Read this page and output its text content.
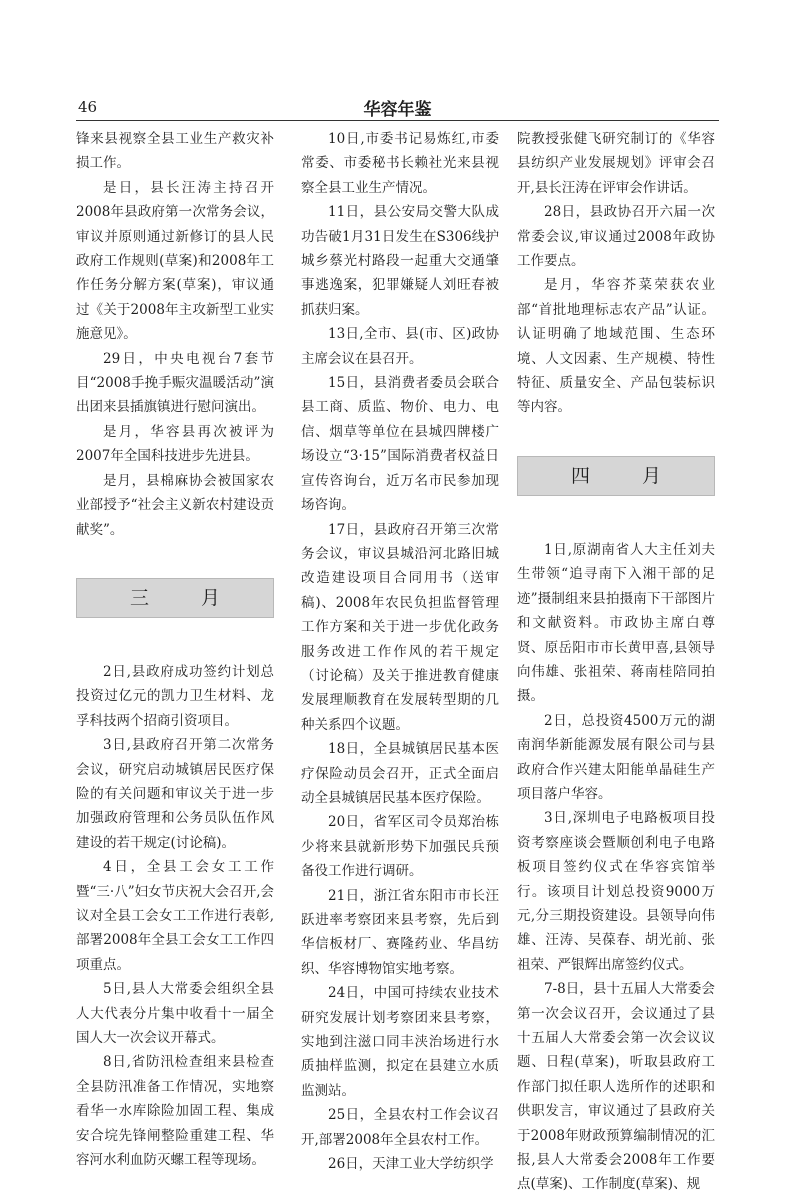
46	华容年鉴

锋来县视察全县工业生产救灾补损工作。

是日，县长汪涛主持召开2008年县政府第一次常务会议，审议并原则通过新修订的县人民政府工作规则(草案)和2008年工作任务分解方案(草案)，审议通过《关于2008年主攻新型工业实施意见》。

29日，中央电视台7套节目“2008手挽手赈灾温暖活动”演出团来县插旗镇进行慰问演出。

是月，华容县再次被评为2007年全国科技进步先进县。

是月，县棉麻协会被国家农业部授予“社会主义新农村建设贡献奖”。

三月

2日,县政府成功签约计划总投资过亿元的凯力卫生材料、龙孚科技两个招商引资项目。

3日,县政府召开第二次常务会议，研究启动城镇居民医疗保险的有关问题和审议关于进一步加强政府管理和公务员队伍作风建设的若干规定(讨论稿)。

4日，全县工会女工工作暨“三·八”妇女节庆祝大会召开,会议对全县工会女工工作进行表彰,部署2008年全县工会女工工作四项重点。

5日,县人大常委会组织全县人大代表分片集中收看十一届全国人大一次会议开幕式。

8日,省防汛检查组来县检查全县防汛准备工作情况，实地察看华一水库除险加固工程、集成安合垸先锋闸整险重建工程、华容河水利血防灭螺工程等现场。

10日,市委书记易炼红,市委常委、市委秘书长赖社光来县视察全县工业生产情况。

11日，县公安局交警大队成功告破1月31日发生在S306线护城乡蔡光村路段一起重大交通肇事逃逸案，犯罪嫌疑人刘旺春被抓获归案。

13日,全市、县(市、区)政协主席会议在县召开。

15日，县消费者委员会联合县工商、质监、物价、电力、电信、烟草等单位在县城四牌楼广场设立“3·15”国际消费者权益日宣传咨询台，近万名市民参加现场咨询。

17日，县政府召开第三次常务会议，审议县城沿河北路旧城改造建设项目合同用书（送审稿)、2008年农民负担监督管理工作方案和关于进一步优化政务服务改进工作作风的若干规定（讨论稿）及关于推进教育健康发展理顺教育在发展转型期的几种关系四个议题。

18日，全县城镇居民基本医疗保险动员会召开，正式全面启动全县城镇居民基本医疗保险。

20日，省军区司令员郑治栋少将来县就新形势下加强民兵预备役工作进行调研。

21日，浙江省东阳市市长汪跃进率考察团来县考察，先后到华信板材厂、赛隆药业、华昌纺织、华容博物馆实地考察。

24日，中国可持续农业技术研究发展计划考察团来县考察，实地到注滋口同丰浃治场进行水质抽样监测，拟定在县建立水质监测站。

25日，全县农村工作会议召开,部署2008年全县农村工作。

26日，天津工业大学纺织学

院教授张健飞研究制订的《华容县纺织产业发展规划》评审会召开,县长汪涛在评审会作讲话。

28日，县政协召开六届一次常委会议,审议通过2008年政协工作要点。

是月，华容芥菜荣获农业部“首批地理标志农产品”认证。认证明确了地域范围、生态环境、人文因素、生产规模、特性特征、质量安全、产品包装标识等内容。

四月

1日,原湖南省人大主任刘夫生带领“追寻南下入湘干部的足迹”摄制组来县拍摄南下干部图片和文献资料。市政协主席白尊贤、原岳阳市市长黄甲喜,县领导向伟雄、张祖荣、蒋南桂陪同拍摄。

2日，总投资4500万元的湖南润华新能源发展有限公司与县政府合作兴建太阳能单晶硅生产项目落户华容。

3日,深圳电子电路板项目投资考察座谈会暨顺创利电子电路板项目签约仪式在华容宾馆举行。该项目计划总投资9000万元,分三期投资建设。县领导向伟雄、汪涛、吴葆春、胡光前、张祖荣、严银辉出席签约仪式。

7-8日，县十五届人大常委会第一次会议召开，会议通过了县十五届人大常委会第一次会议议题、日程(草案)，听取县政府工作部门拟任职人选所作的述职和供职发言，审议通过了县政府关于2008年财政预算编制情况的汇报,县人大常委会2008年工作要点(草案)、工作制度(草案)、规
